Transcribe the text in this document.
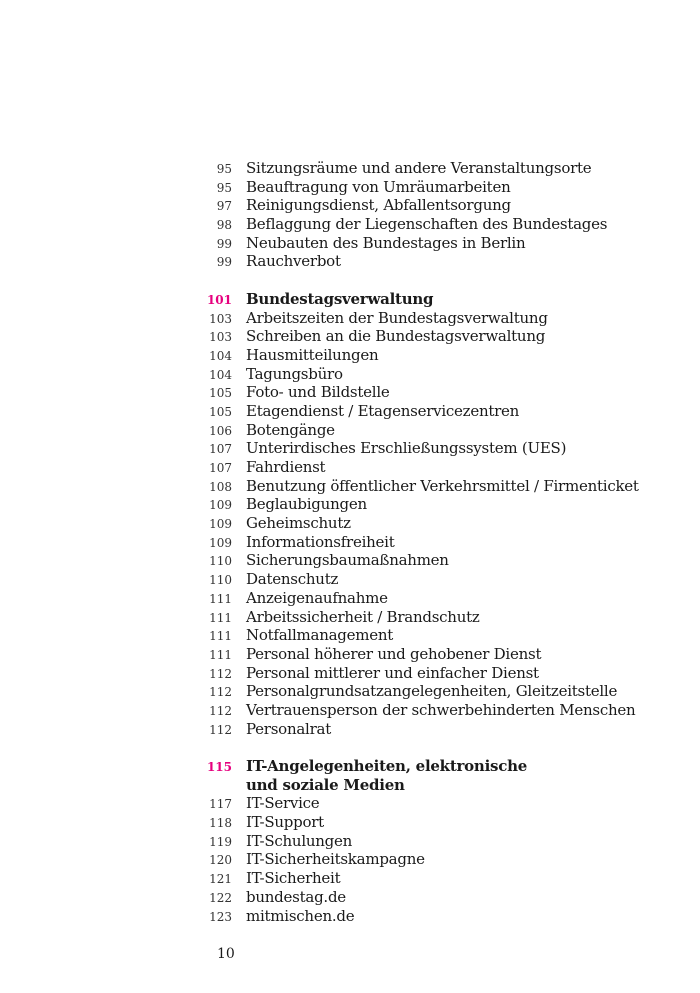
95 Sitzungsräume und andere Veranstaltungsorte
95 Beauftragung von Umräumarbeiten
97 Reinigungsdienst, Abfallentsorgung
98 Beflaggung der Liegenschaften des Bundestages
99 Neubauten des Bundestages in Berlin
99 Rauchverbot
101 Bundestagsverwaltung
103 Arbeitszeiten der Bundestagsverwaltung
103 Schreiben an die Bundestagsverwaltung
104 Hausmitteilungen
104 Tagungsbüro
105 Foto- und Bildstelle
105 Etagendienst / Etagenservicezentren
106 Botengänge
107 Unterirdisches Erschließungssystem (UES)
107 Fahrdienst
108 Benutzung öffentlicher Verkehrsmittel / Firmenticket
109 Beglaubigungen
109 Geheimschutz
109 Informationsfreiheit
110 Sicherungsbaumaßnahmen
110 Datenschutz
111 Anzeigenaufnahme
111 Arbeitssicherheit / Brandschutz
111 Notfallmanagement
111 Personal höherer und gehobener Dienst
112 Personal mittlerer und einfacher Dienst
112 Personalgrundsatzangelegenheiten, Gleitzeitstelle
112 Vertrauensperson der schwerbehinderten Menschen
112 Personalrat
115 IT-Angelegenheiten, elektronische
und soziale Medien
117 IT-Service
118 IT-Support
119 IT-Schulungen
120 IT-Sicherheitskampagne
121 IT-Sicherheit
122 bundestag.de
123 mitmischen.de
10
